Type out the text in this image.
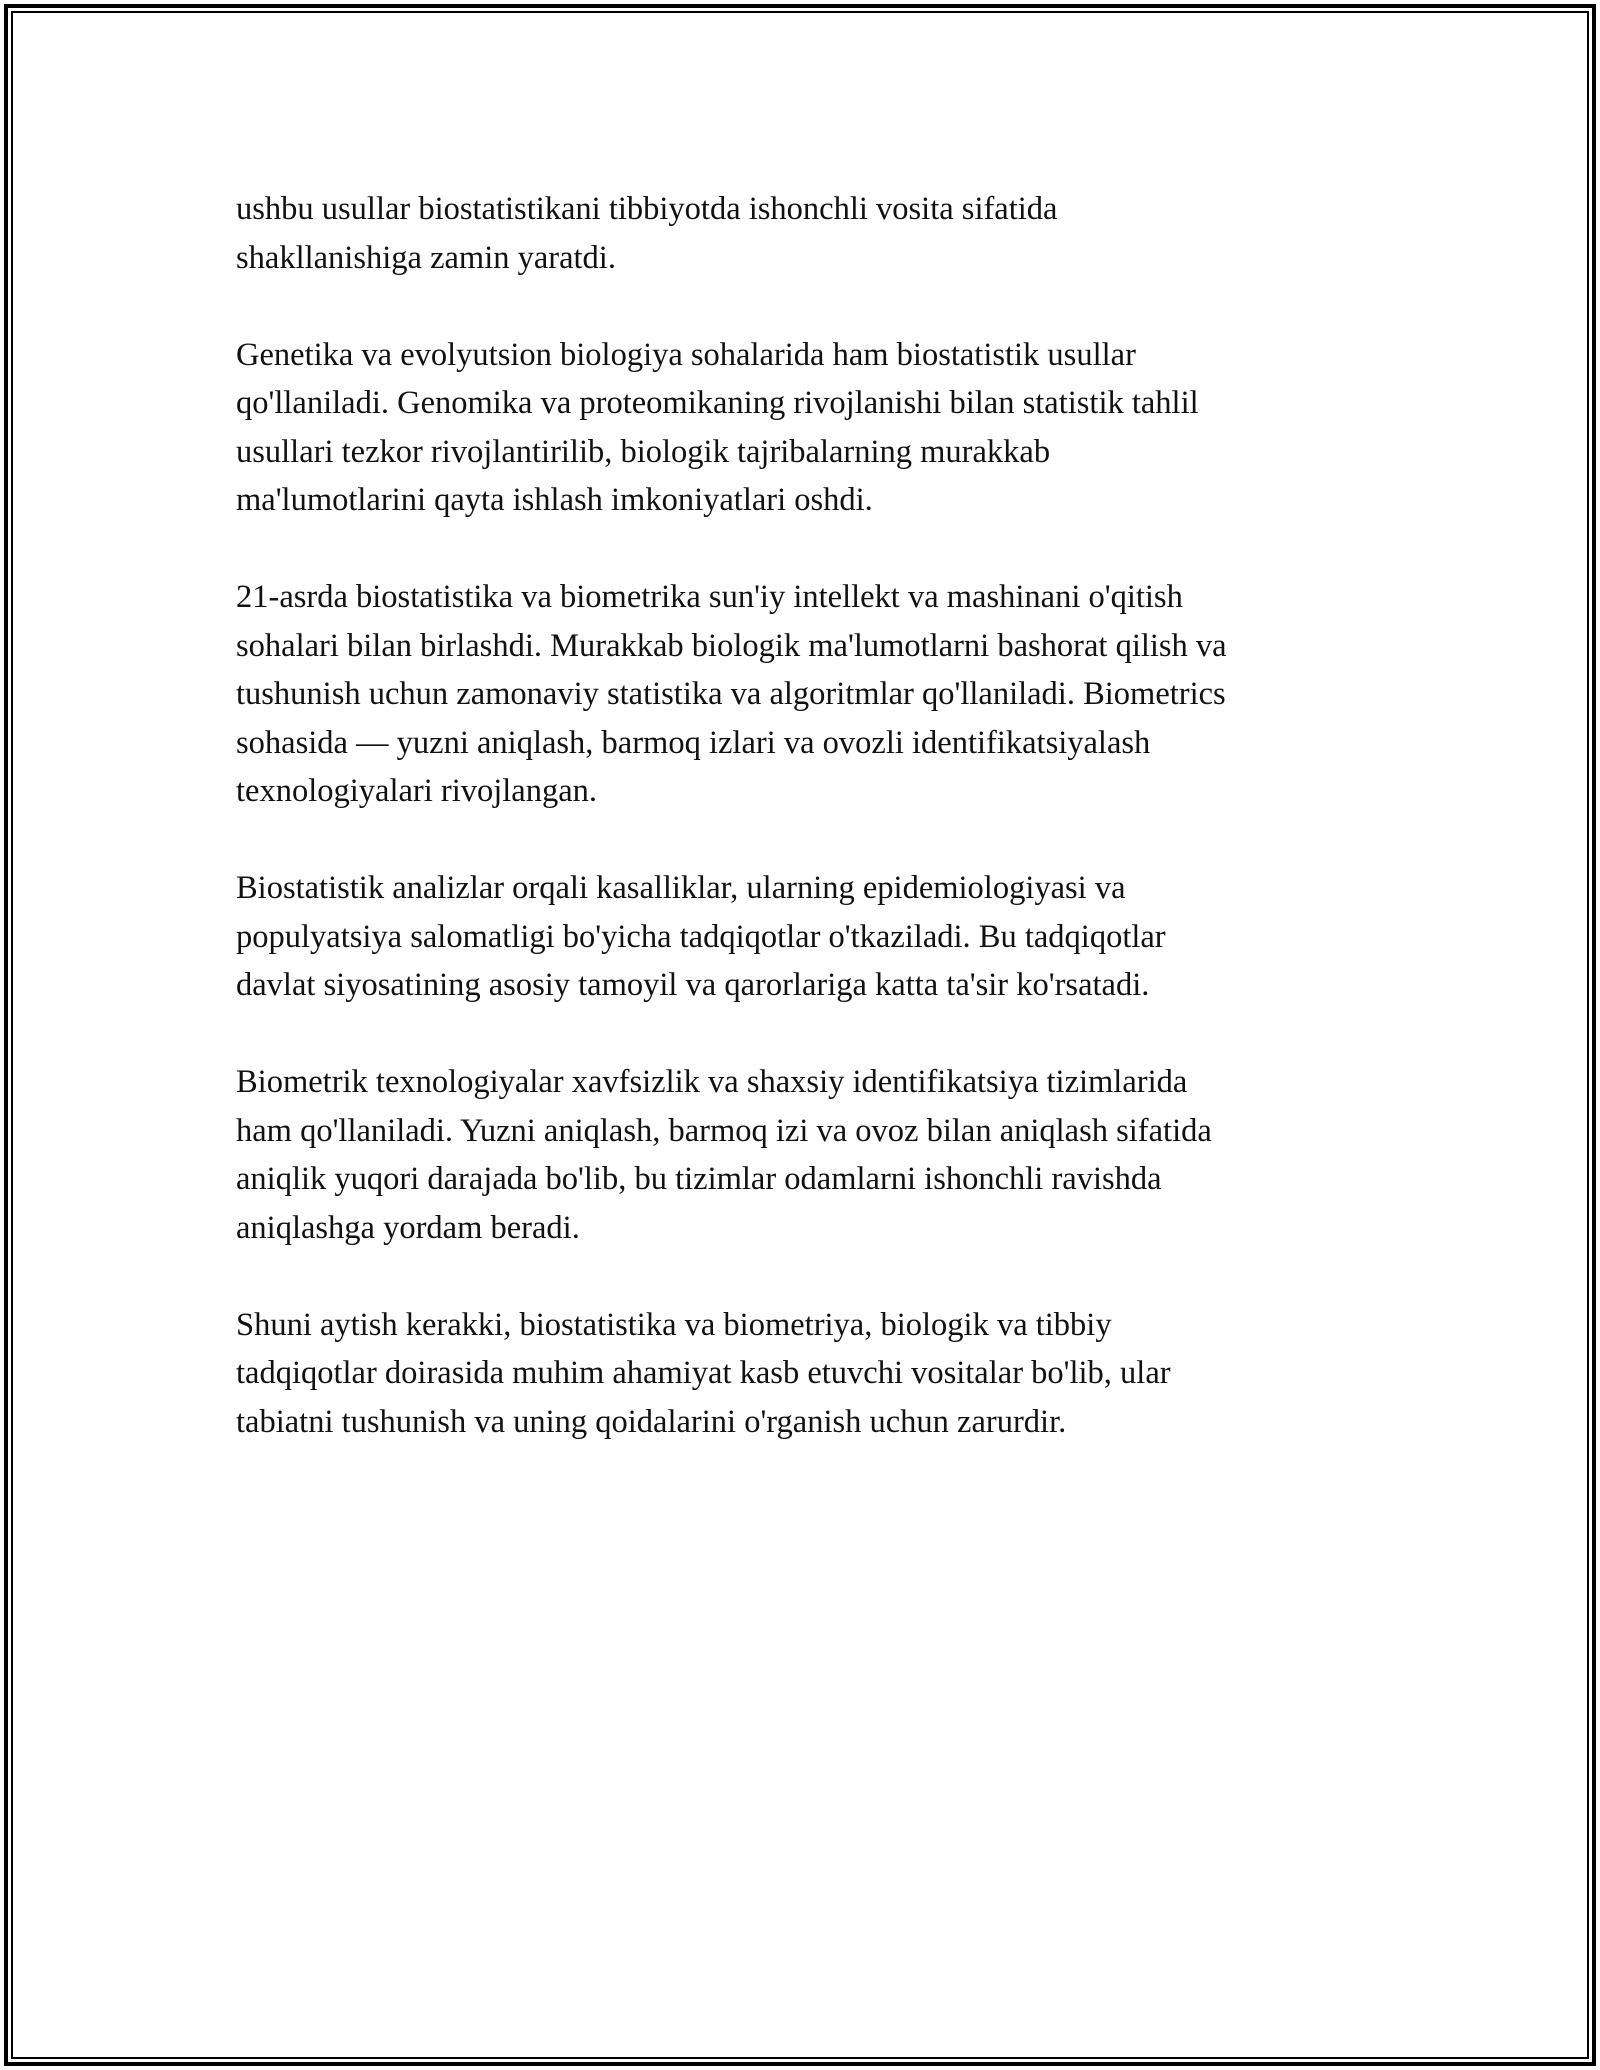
ushbu usullar biostatistikani tibbiyotda ishonchli vosita sifatida
shakllanishiga zamin yaratdi.

Genetika va evolyutsion biologiya sohalarida ham biostatistik usullar
qo'llaniladi. Genomika va proteomikaning rivojlanishi bilan statistik tahlil
usullari tezkor rivojlantirilib, biologik tajribalarning murakkab
ma'lumotlarini qayta ishlash imkoniyatlari oshdi.

21-asrda biostatistika va biometrika sun'iy intellekt va mashinani o'qitish
sohalari bilan birlashdi. Murakkab biologik ma'lumotlarni bashorat qilish va
tushunish uchun zamonaviy statistika va algoritmlar qo'llaniladi. Biometrics
sohasida — yuzni aniqlash, barmoq izlari va ovozli identifikatsiyalash
texnologiyalari rivojlangan.

Biostatistik analizlar orqali kasalliklar, ularning epidemiologiyasi va
populyatsiya salomatligi bo'yicha tadqiqotlar o'tkaziladi. Bu tadqiqotlar
davlat siyosatining asosiy tamoyil va qarorlariga katta ta'sir ko'rsatadi.

Biometrik texnologiyalar xavfsizlik va shaxsiy identifikatsiya tizimlarida
ham qo'llaniladi. Yuzni aniqlash, barmoq izi va ovoz bilan aniqlash sifatida
aniqlik yuqori darajada bo'lib, bu tizimlar odamlarni ishonchli ravishda
aniqlashga yordam beradi.

Shuni aytish kerakki, biostatistika va biometriya, biologik va tibbiy
tadqiqotlar doirasida muhim ahamiyat kasb etuvchi vositalar bo'lib, ular
tabiatni tushunish va uning qoidalarini o'rganish uchun zarurdir.
